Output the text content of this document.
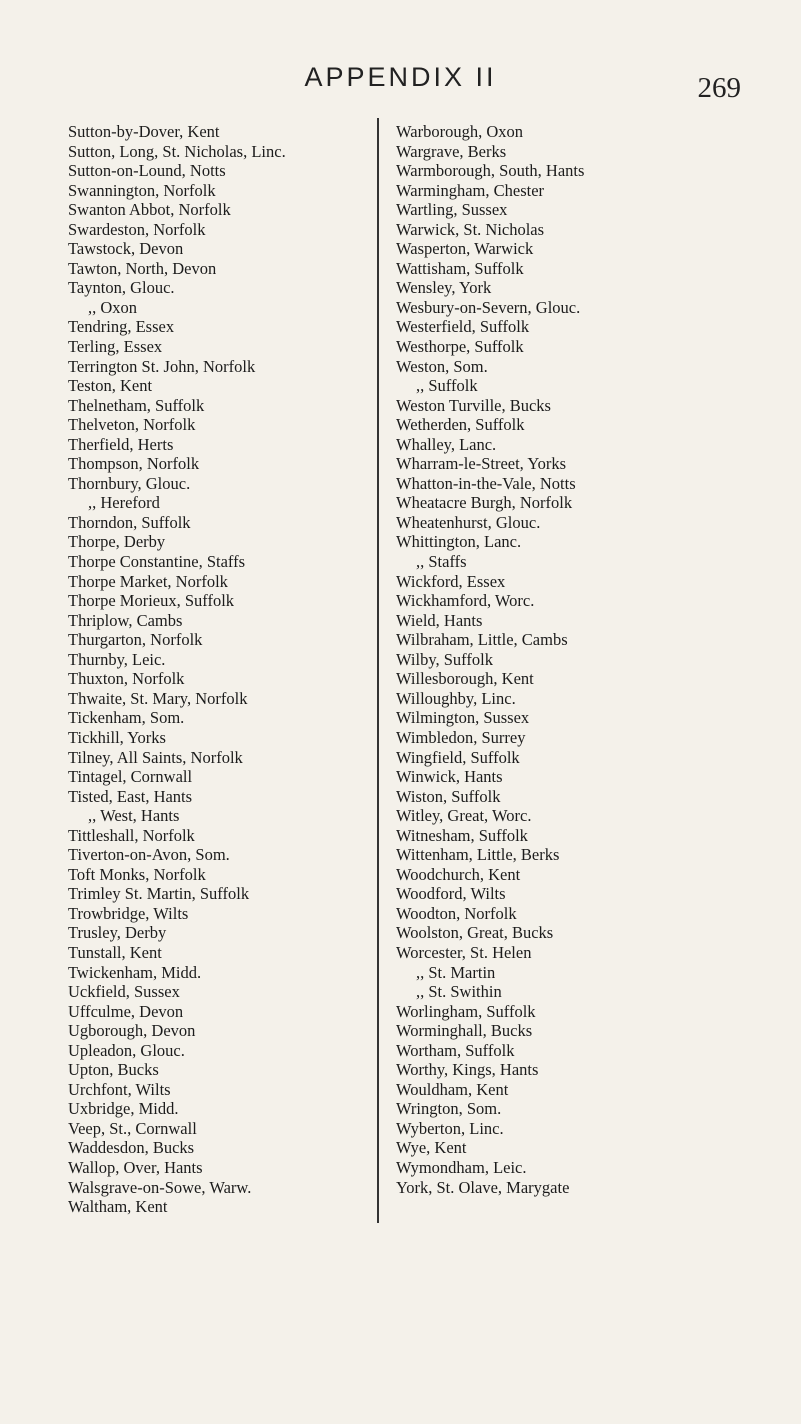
APPENDIX II	269
Sutton-by-Dover, Kent
Sutton, Long, St. Nicholas, Linc.
Sutton-on-Lound, Notts
Swannington, Norfolk
Swanton Abbot, Norfolk
Swardeston, Norfolk
Tawstock, Devon
Tawton, North, Devon
Taynton, Glouc.
,, Oxon
Tendring, Essex
Terling, Essex
Terrington St. John, Norfolk
Teston, Kent
Thelnetham, Suffolk
Thelveton, Norfolk
Therfield, Herts
Thompson, Norfolk
Thornbury, Glouc.
,, Hereford
Thorndon, Suffolk
Thorpe, Derby
Thorpe Constantine, Staffs
Thorpe Market, Norfolk
Thorpe Morieux, Suffolk
Thriplow, Cambs
Thurgarton, Norfolk
Thurnby, Leic.
Thuxton, Norfolk
Thwaite, St. Mary, Norfolk
Tickenham, Som.
Tickhill, Yorks
Tilney, All Saints, Norfolk
Tintagel, Cornwall
Tisted, East, Hants
,, West, Hants
Tittleshall, Norfolk
Tiverton-on-Avon, Som.
Toft Monks, Norfolk
Trimley St. Martin, Suffolk
Trowbridge, Wilts
Trusley, Derby
Tunstall, Kent
Twickenham, Midd.
Uckfield, Sussex
Uffculme, Devon
Ugborough, Devon
Upleadon, Glouc.
Upton, Bucks
Urchfont, Wilts
Uxbridge, Midd.
Veep, St., Cornwall
Waddesdon, Bucks
Wallop, Over, Hants
Walsgrave-on-Sowe, Warw.
Waltham, Kent
Warborough, Oxon
Wargrave, Berks
Warmborough, South, Hants
Warmingham, Chester
Wartling, Sussex
Warwick, St. Nicholas
Wasperton, Warwick
Wattisham, Suffolk
Wensley, York
Wesbury-on-Severn, Glouc.
Westerfield, Suffolk
Westhorpe, Suffolk
Weston, Som.
,, Suffolk
Weston Turville, Bucks
Wetherden, Suffolk
Whalley, Lanc.
Wharram-le-Street, Yorks
Whatton-in-the-Vale, Notts
Wheatacre Burgh, Norfolk
Wheatenhurst, Glouc.
Whittington, Lanc.
,, Staffs
Wickford, Essex
Wickhamford, Worc.
Wield, Hants
Wilbraham, Little, Cambs
Wilby, Suffolk
Willesborough, Kent
Willoughby, Linc.
Wilmington, Sussex
Wimbledon, Surrey
Wingfield, Suffolk
Winwick, Hants
Wiston, Suffolk
Witley, Great, Worc.
Witnesham, Suffolk
Wittenham, Little, Berks
Woodchurch, Kent
Woodford, Wilts
Woodton, Norfolk
Woolston, Great, Bucks
Worcester, St. Helen
,, St. Martin
,, St. Swithin
Worlingham, Suffolk
Worminghall, Bucks
Wortham, Suffolk
Worthy, Kings, Hants
Wouldham, Kent
Wrington, Som.
Wyberton, Linc.
Wye, Kent
Wymondham, Leic.
York, St. Olave, Marygate
